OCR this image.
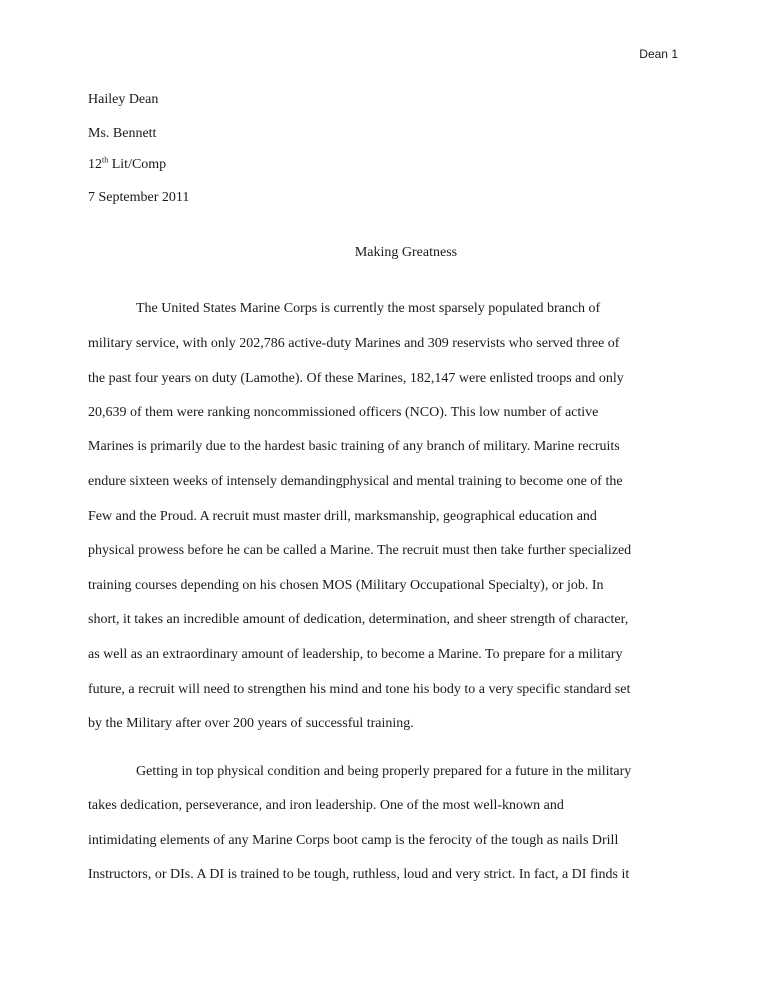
Dean 1
Hailey Dean
Ms. Bennett
12th Lit/Comp
7 September 2011
Making Greatness
The United States Marine Corps is currently the most sparsely populated branch of
military service, with only 202,786 active-duty Marines and 309 reservists who served three of
the past four years on duty (Lamothe). Of these Marines, 182,147 were enlisted troops and only
20,639 of them were ranking noncommissioned officers (NCO). This low number of active
Marines is primarily due to the hardest basic training of any branch of military. Marine recruits
endure sixteen weeks of intensely demandingphysical and mental training to become one of the
Few and the Proud. A recruit must master drill, marksmanship, geographical education and
physical prowess before he can be called a Marine. The recruit must then take further specialized
training courses depending on his chosen MOS (Military Occupational Specialty), or job. In
short, it takes an incredible amount of dedication, determination, and sheer strength of character,
as well as an extraordinary amount of leadership, to become a Marine. To prepare for a military
future, a recruit will need to strengthen his mind and tone his body to a very specific standard set
by the Military after over 200 years of successful training.
Getting in top physical condition and being properly prepared for a future in the military
takes dedication, perseverance, and iron leadership. One of the most well-known and
intimidating elements of any Marine Corps boot camp is the ferocity of the tough as nails Drill
Instructors, or DIs. A DI is trained to be tough, ruthless, loud and very strict. In fact, a DI finds it
